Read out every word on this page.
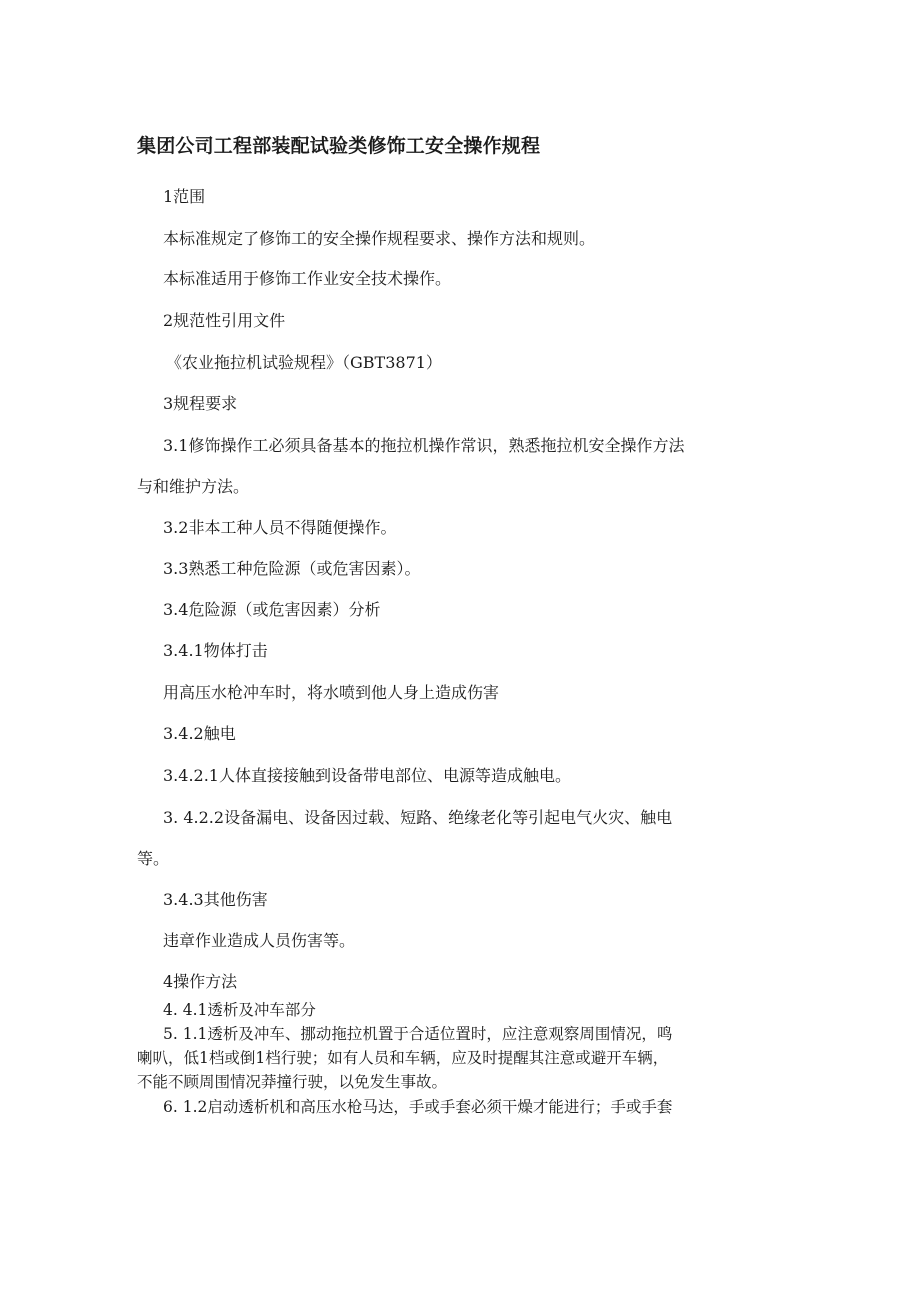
集团公司工程部装配试验类修饰工安全操作规程
1范围
本标准规定了修饰工的安全操作规程要求、操作方法和规则。
本标准适用于修饰工作业安全技术操作。
2规范性引用文件
《农业拖拉机试验规程》（GBT3871）
3规程要求
3.1修饰操作工必须具备基本的拖拉机操作常识，熟悉拖拉机安全操作方法
与和维护方法。
3.2非本工种人员不得随便操作。
3.3熟悉工种危险源（或危害因素）。
3.4危险源（或危害因素）分析
3.4.1物体打击
用高压水枪冲车时，将水喷到他人身上造成伤害
3.4.2触电
3.4.2.1人体直接接触到设备带电部位、电源等造成触电。
3. 4.2.2设备漏电、设备因过载、短路、绝缘老化等引起电气火灾、触电
等。
3.4.3其他伤害
违章作业造成人员伤害等。
4操作方法
4. 4.1透析及冲车部分
5. 1.1透析及冲车、挪动拖拉机置于合适位置时，应注意观察周围情况，鸣
喇叭，低1档或倒1档行驶；如有人员和车辆，应及时提醒其注意或避开车辆，
不能不顾周围情况莽撞行驶，以免发生事故。
6. 1.2启动透析机和高压水枪马达，手或手套必须干燥才能进行；手或手套
